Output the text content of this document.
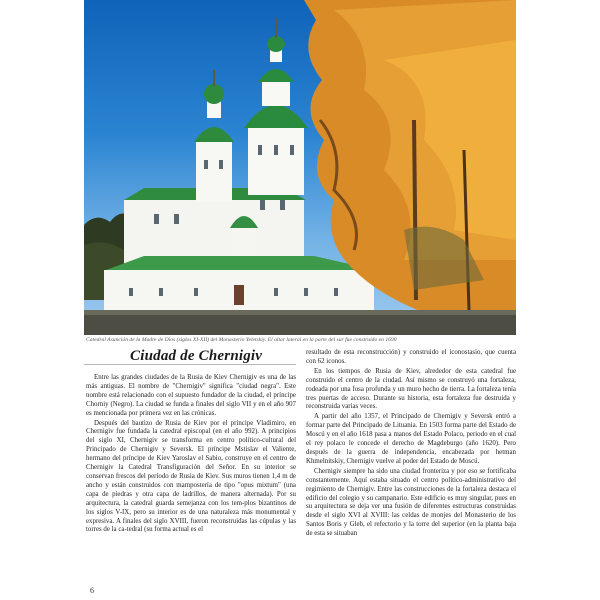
Catedral Asunción de la Madre de Dios (siglos XI-XII) del Monasterio Yeletskiy. El altar lateral en la parte del sur fue construido en 1690
Ciudad de Chernigiv

Entre las grandes ciudades de la Rusia de Kiev Chernigiv es una de las más antiguas. El nombre de "Chernigiv" significa "ciudad negra". Este nombre está relacionado con el supuesto fundador de la ciudad, el príncipe Chorniy (Negro). La ciudad se funda a finales del siglo VII y en el año 907 es mencionada por primera vez en las crónicas.

Después del bautizo de Rusia de Kiev por el príncipe Vladimiro, en Chernigiv fue fundada la catedral episcopal (en el año 992). A principios del siglo XI, Chernigiv se transforma en centro político-cultural del Principado de Chernigiv y Seversk. El príncipe Mstislav el Valiente, hermano del príncipe de Kiev Yaroslav el Sabio, construye en el centro de Chernigiv la Catedral Transfiguración del Señor. En su interior se conservan frescos del período de Rusia de Kiev. Sus muros tienen 1,4 m de ancho y están construidos con mampostería de tipo "opus mixtum" (una capa de piedras y otra capa de ladrillos, de manera alternada). Por su arquitectura, la catedral guarda semejanza con los tem-plos bizantinos de los siglos V-IX, pero su interior es de una naturaleza más monumental y expresiva. A finales del siglo XVIII, fueron reconstruidas las cúpulas y las torres de la ca-tedral (su forma actual es el

resultado de esta reconstrucción) y construido el iconostasio, que cuenta con 62 iconos.

En los tiempos de Rusia de Kiev, alrededor de esta catedral fue construido el centro de la ciudad. Así mismo se construyó una fortaleza, rodeada por una fosa profunda y un muro hecho de tierra. La fortaleza tenía tres puertas de acceso. Durante su historia, esta fortaleza fue destruida y reconstruida varias veces.

A partir del año 1357, el Principado de Chernigiv y Seversk entró a formar parte del Principado de Lituania. En 1503 forma parte del Estado de Moscú y en el año 1618 pasa a manos del Estado Polaco, periodo en el cual el rey polaco le concede el derecho de Magdeburgo (año 1620). Pero después de la guerra de independencia, encabezada por hetman Khmelnitskiy, Chernigiv vuelve al poder del Estado de Moscú.

Chernigiv siempre ha sido una ciudad fronteriza y por eso se fortificaba constantemente. Aquí estaba situado el centro político-administrativo del regimiento de Chernigiv. Entre las construcciones de la fortaleza destaca el edificio del colegio y su campanario. Este edificio es muy singular, pues en su arquitectura se deja ver una fusión de diferentes estructuras construidas desde el siglo XVI al XVIII: las celdas de monjes del Monasterio de los Santos Boris y Gleb, el refectorio y la torre del superior (en la planta baja de esta se situaban

6
